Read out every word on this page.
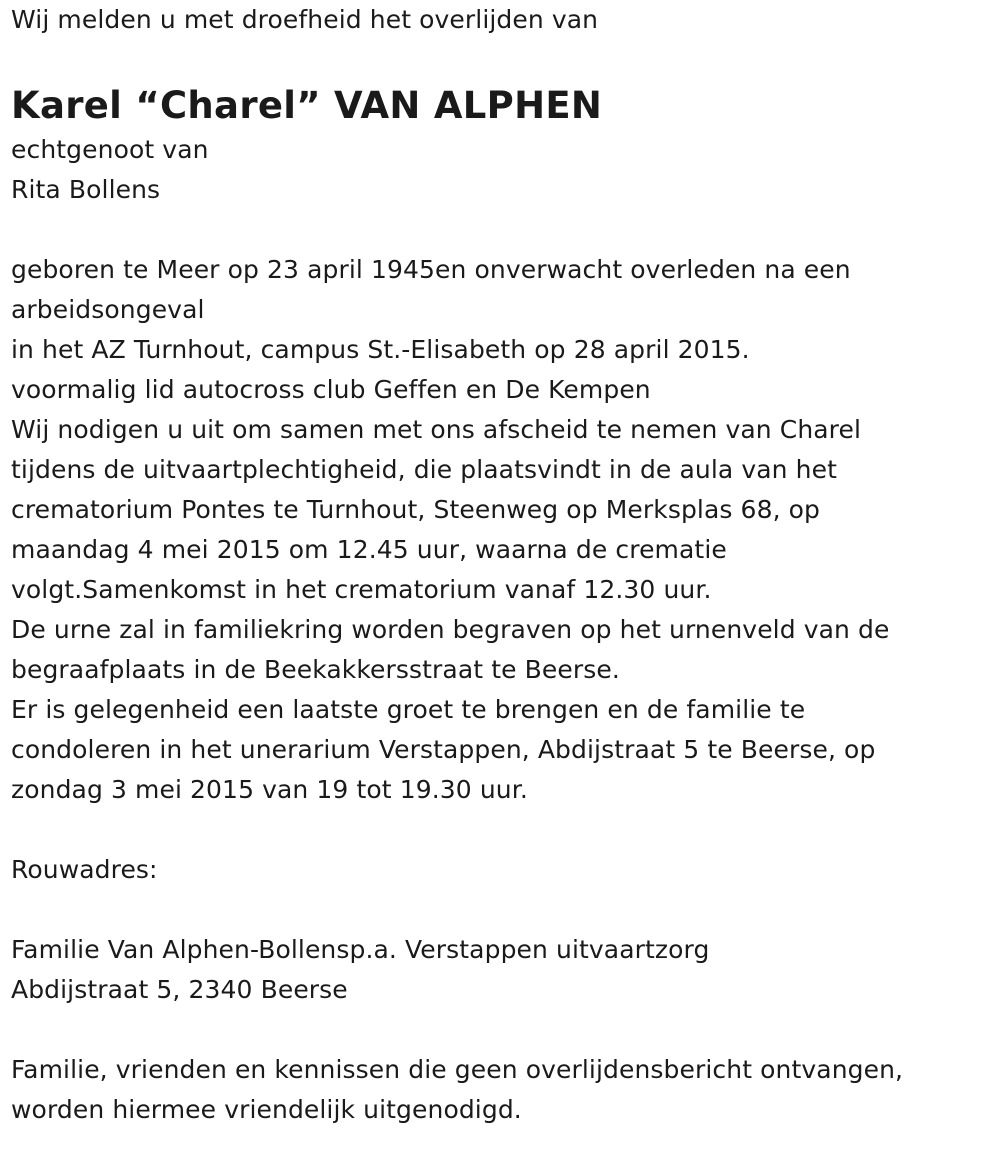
Wij melden u met droefheid het overlijden van
Karel “Charel” VAN ALPHEN
echtgenoot van
Rita Bollens
geboren te Meer op 23 april 1945en onverwacht overleden na een
arbeidsongeval
in het AZ Turnhout, campus St.-Elisabeth op 28 april 2015.
voormalig lid autocross club Geffen en De Kempen
Wij nodigen u uit om samen met ons afscheid te nemen van Charel
tijdens de uitvaartplechtigheid, die plaatsvindt in de aula van het
crematorium Pontes te Turnhout, Steenweg op Merksplas 68, op
maandag 4 mei 2015 om 12.45 uur, waarna de crematie
volgt.Samenkomst in het crematorium vanaf 12.30 uur.
De urne zal in familiekring worden begraven op het urnenveld van de
begraafplaats in de Beekakkersstraat te Beerse.
Er is gelegenheid een laatste groet te brengen en de familie te
condoleren in het unerarium Verstappen, Abdijstraat 5 te Beerse, op
zondag 3 mei 2015 van 19 tot 19.30 uur.
Rouwadres:
Familie Van Alphen-Bollensp.a. Verstappen uitvaartzorg
Abdijstraat 5, 2340 Beerse
Familie, vrienden en kennissen die geen overlijdensbericht ontvangen,
worden hiermee vriendelijk uitgenodigd.
